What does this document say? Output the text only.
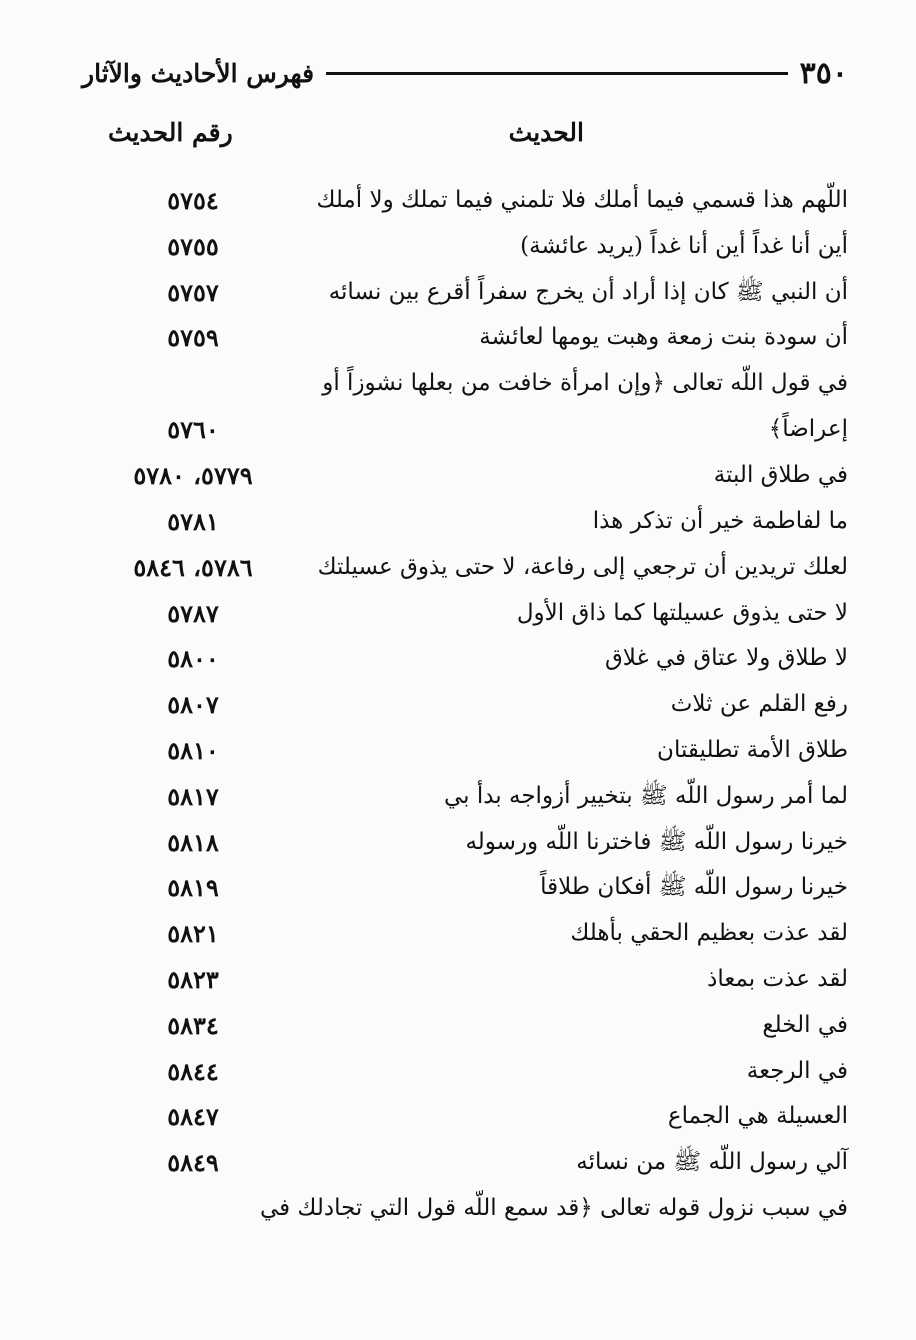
٣٥٠
فهرس الأحاديث والآثار
الحديث
رقم الحديث
اللّهم هذا قسمي فيما أملك فلا تلمني فيما تملك ولا أملك
٥٧٥٤
أين أنا غداً أين أنا غداً (يريد عائشة)
٥٧٥٥
أن النبي ﷺ كان إذا أراد أن يخرج سفراً أقرع بين نسائه
٥٧٥٧
أن سودة بنت زمعة وهبت يومها لعائشة
٥٧٥٩
في قول اللّه تعالى ﴿وإن امرأة خافت من بعلها نشوزاً أو إعراضاً﴾
٥٧٦٠
في طلاق البتة
٥٧٧٩، ٥٧٨٠
ما لفاطمة خير أن تذكر هذا
٥٧٨١
لعلك تريدين أن ترجعي إلى رفاعة، لا حتى يذوق عسيلتك
٥٧٨٦، ٥٨٤٦
لا حتى يذوق عسيلتها كما ذاق الأول
٥٧٨٧
لا طلاق ولا عتاق في غلاق
٥٨٠٠
رفع القلم عن ثلاث
٥٨٠٧
طلاق الأمة تطليقتان
٥٨١٠
لما أمر رسول اللّه ﷺ بتخيير أزواجه بدأ بي
٥٨١٧
خيرنا رسول اللّه ﷺ فاخترنا اللّه ورسوله
٥٨١٨
خيرنا رسول اللّه ﷺ أفكان طلاقاً
٥٨١٩
لقد عذت بعظيم الحقي بأهلك
٥٨٢١
لقد عذت بمعاذ
٥٨٢٣
في الخلع
٥٨٣٤
في الرجعة
٥٨٤٤
العسيلة هي الجماع
٥٨٤٧
آلي رسول اللّه ﷺ من نسائه
٥٨٤٩
في سبب نزول قوله تعالى ﴿قد سمع اللّه قول التي تجادلك في
